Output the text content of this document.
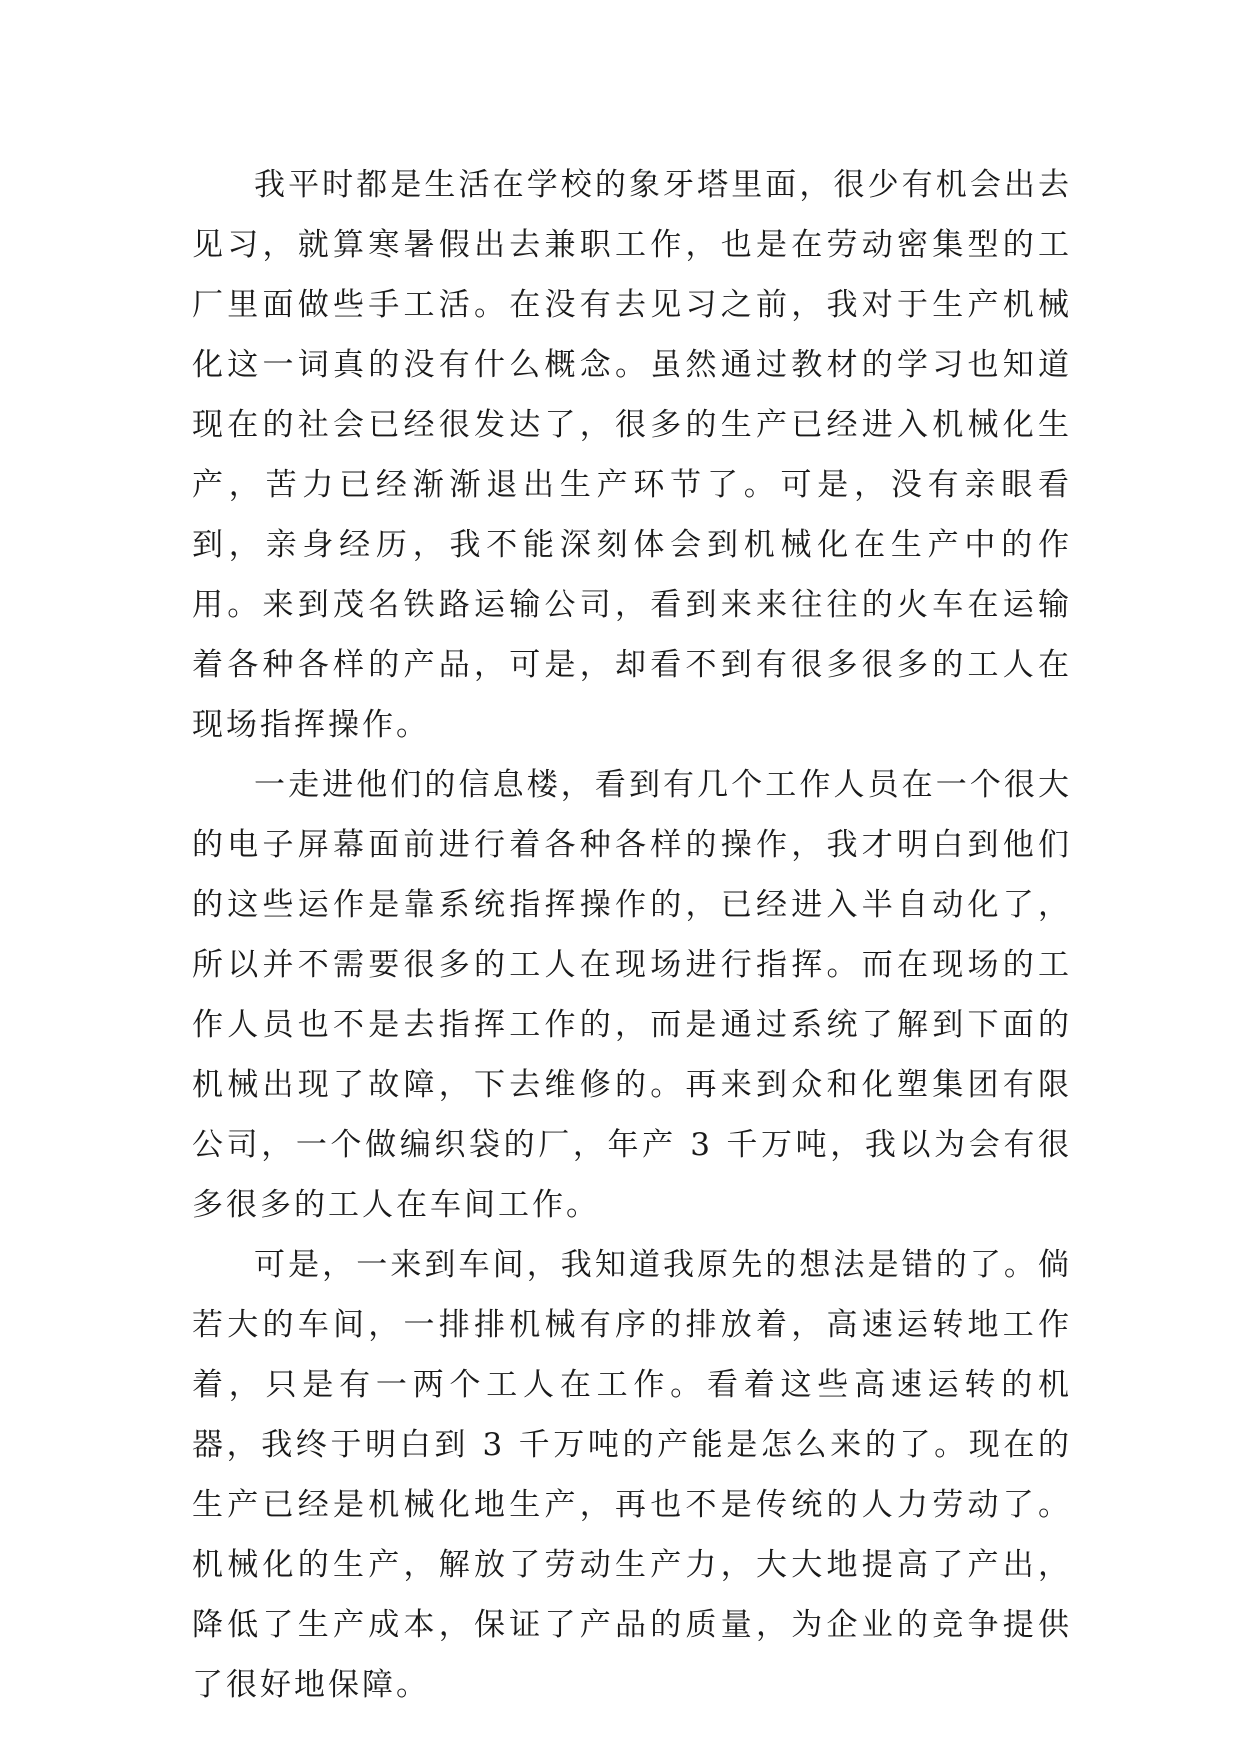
我平时都是生活在学校的象牙塔里面，很少有机会出去见习，就算寒暑假出去兼职工作，也是在劳动密集型的工厂里面做些手工活。在没有去见习之前，我对于生产机械化这一词真的没有什么概念。虽然通过教材的学习也知道现在的社会已经很发达了，很多的生产已经进入机械化生产，苦力已经渐渐退出生产环节了。可是，没有亲眼看到，亲身经历，我不能深刻体会到机械化在生产中的作用。来到茂名铁路运输公司，看到来来往往的火车在运输着各种各样的产品，可是，却看不到有很多很多的工人在现场指挥操作。

一走进他们的信息楼，看到有几个工作人员在一个很大的电子屏幕面前进行着各种各样的操作，我才明白到他们的这些运作是靠系统指挥操作的，已经进入半自动化了，所以并不需要很多的工人在现场进行指挥。而在现场的工作人员也不是去指挥工作的，而是通过系统了解到下面的机械出现了故障，下去维修的。再来到众和化塑集团有限公司，一个做编织袋的厂，年产 3 千万吨，我以为会有很多很多的工人在车间工作。

可是，一来到车间，我知道我原先的想法是错的了。倘若大的车间，一排排机械有序的排放着，高速运转地工作着，只是有一两个工人在工作。看着这些高速运转的机器，我终于明白到 3 千万吨的产能是怎么来的了。现在的生产已经是机械化地生产，再也不是传统的人力劳动了。机械化的生产，解放了劳动生产力，大大地提高了产出，降低了生产成本，保证了产品的质量，为企业的竞争提供了很好地保障。
